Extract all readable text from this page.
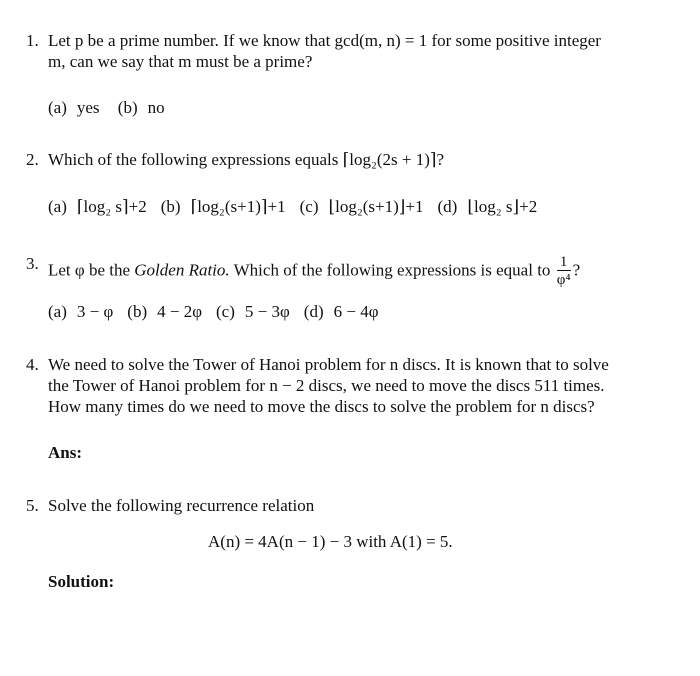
1. Let p be a prime number. If we know that gcd(m, n) = 1 for some positive integer
m, can we say that m must be a prime?
(a) yes (b) no
2. Which of the following expressions equals ⌈log₂(2s + 1)⌉?
(a) ⌈log₂ s⌉+2 (b) ⌈log₂(s+1)⌉+1 (c) ⌊log₂(s+1)⌋+1 (d) ⌊log₂ s⌋+2
3. Let φ be the Golden Ratio. Which of the following expressions is equal to $\frac{1}{\text{φ⁴}}$ ?
(a) 3 − φ (b) 4 − 2φ (c) 5 − 3φ (d) 6 − 4φ
4. We need to solve the Tower of Hanoi problem for n discs. It is known that to solve
the Tower of Hanoi problem for n − 2 discs, we need to move the discs 511 times.
How many times do we need to move the discs to solve the problem for n discs?
Ans:
5. Solve the following recurrence relation
A(n) = 4A(n − 1) − 3 with A(1) = 5.
Solution:
